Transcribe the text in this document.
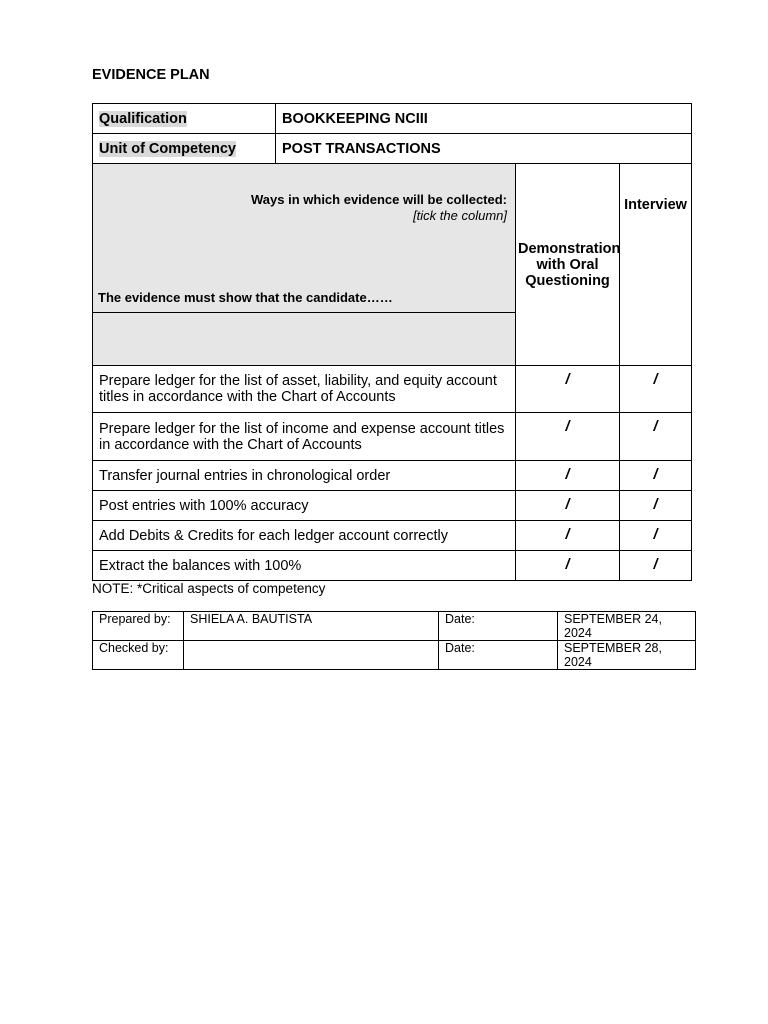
EVIDENCE PLAN
Qualification	BOOKKEEPING NCIII		
Unit of Competency	POST TRANSACTIONS		

Ways in which evidence will be collected:
[tick the column]
The evidence must show that the candidate……		Demonstration with Oral Questioning	Interview

Prepare ledger for the list of asset, liability, and equity account titles in accordance with the Chart of Accounts		/	/
Prepare ledger for the list of income and expense account titles in accordance with the Chart of Accounts		/	/
Transfer journal entries in chronological order		/	/
Post entries with 100% accuracy		/	/
Add Debits & Credits for each ledger account correctly		/	/
Extract the balances with 100%		/	/
NOTE: *Critical aspects of competency
Prepared by:	SHIELA A. BAUTISTA	Date:	SEPTEMBER 24, 2024
Checked by:		Date:	SEPTEMBER 28, 2024
